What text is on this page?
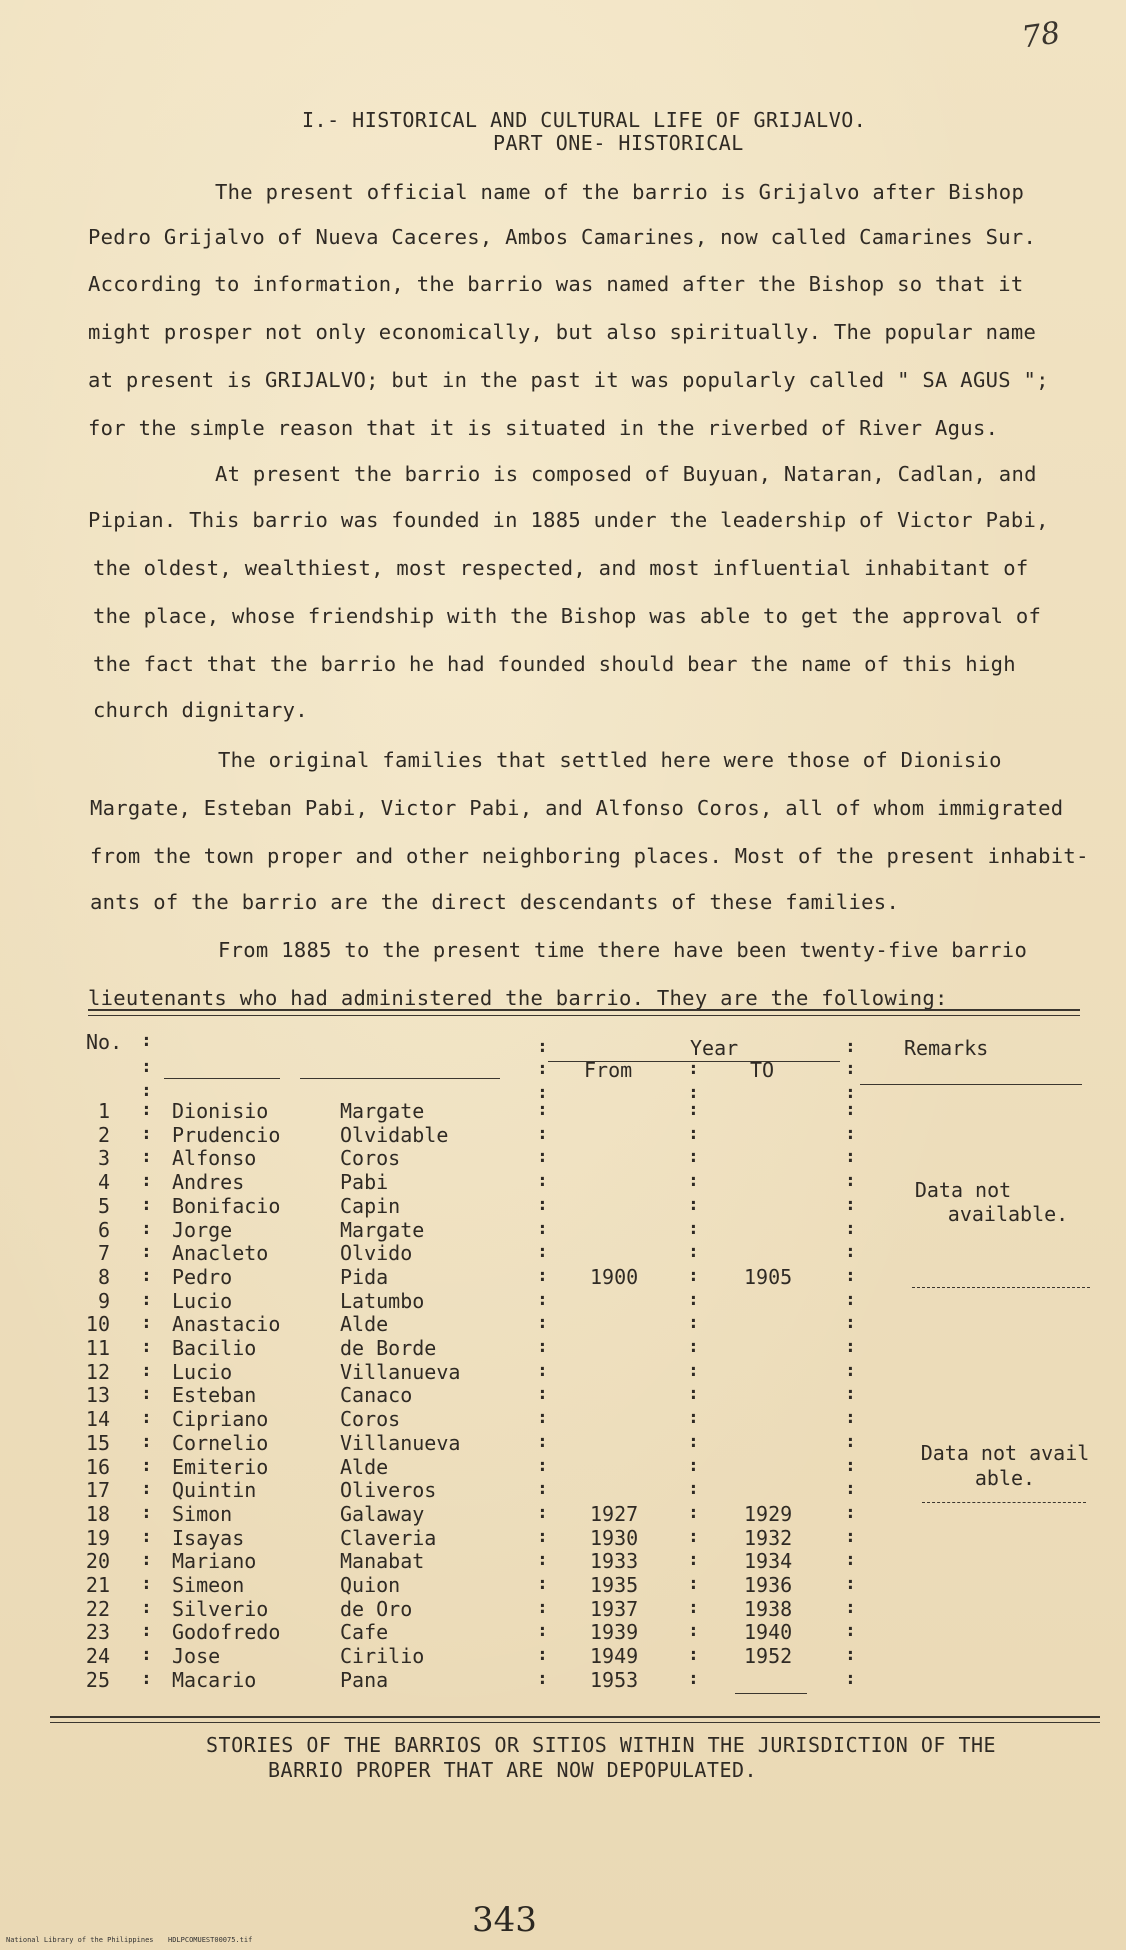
78
I.- HISTORICAL AND CULTURAL LIFE OF GRIJALVO.
PART ONE- HISTORICAL
The present official name of the barrio is Grijalvo after Bishop
Pedro Grijalvo of Nueva Caceres, Ambos Camarines, now called Camarines Sur.
According to information, the barrio was named after the Bishop so that it
might prosper not only economically, but also spiritually. The popular name
at present is GRIJALVO; but in the past it was popularly called " SA AGUS ";
for the simple reason that it is situated in the riverbed of River Agus.
At present the barrio is composed of Buyuan, Nataran, Cadlan, and
Pipian. This barrio was founded in 1885 under the leadership of Victor Pabi,
the oldest, wealthiest, most respected, and most influential inhabitant of
the place, whose friendship with the Bishop was able to get the approval of
the fact that the barrio he had founded should bear the name of this high
church dignitary.
The original families that settled here were those of Dionisio
Margate, Esteban Pabi, Victor Pabi, and Alfonso Coros, all of whom immigrated
from the town proper and other neighboring places. Most of the present inhabit-
ants of the barrio are the direct descendants of these families.
From 1885 to the present time there have been twenty-five barrio
lieutenants who had administered the barrio. They are the following:
No.	Year
From	TO
Remarks
:
:
:
:	:
:
:
:	:	:	:
1 : Dionisio	Margate	:	:	:
2 : Prudencio	Olvidable	:	:	:
3 : Alfonso	Coros	:	:	:
4 : Andres	Pabi	:	:	:
5 : Bonifacio	Capin	:	:	:
6 : Jorge	Margate	:	:	:
7 : Anacleto	Olvido	:	:	:
8 : Pedro	Pida	: 1900	: 1905	:
9 : Lucio	Latumbo	:	:	:
10 : Anastacio	Alde	:	:	:
11 : Bacilio	de Borde	:	:	:
12 : Lucio	Villanueva	:	:	:
13 : Esteban	Canaco	:	:	:
14 : Cipriano	Coros	:	:	:
15 : Cornelio	Villanueva	:	:	:
16 : Emiterio	Alde	:	:	:
17 : Quintin	Oliveros	:	:	:
18 : Simon	Galaway	: 1927	: 1929	:
19 : Isayas	Claveria	: 1930	: 1932	:
20 : Mariano	Manabat	: 1933	: 1934	:
21 : Simeon	Quion	: 1935	: 1936	:
22 : Silverio	de Oro	: 1937	: 1938	:
23 : Godofredo	Cafe	: 1939	: 1940	:
24 : Jose	Cirilio	: 1949	: 1952	:
25 : Macario	Pana	: 1953	:	:
Data not
available.
Data not avail
able.
STORIES OF THE BARRIOS OR SITIOS WITHIN THE JURISDICTION OF THE
BARRIO PROPER THAT ARE NOW DEPOPULATED.
343
National Library of the Philippines HDLPCOMUEST00075.tif
